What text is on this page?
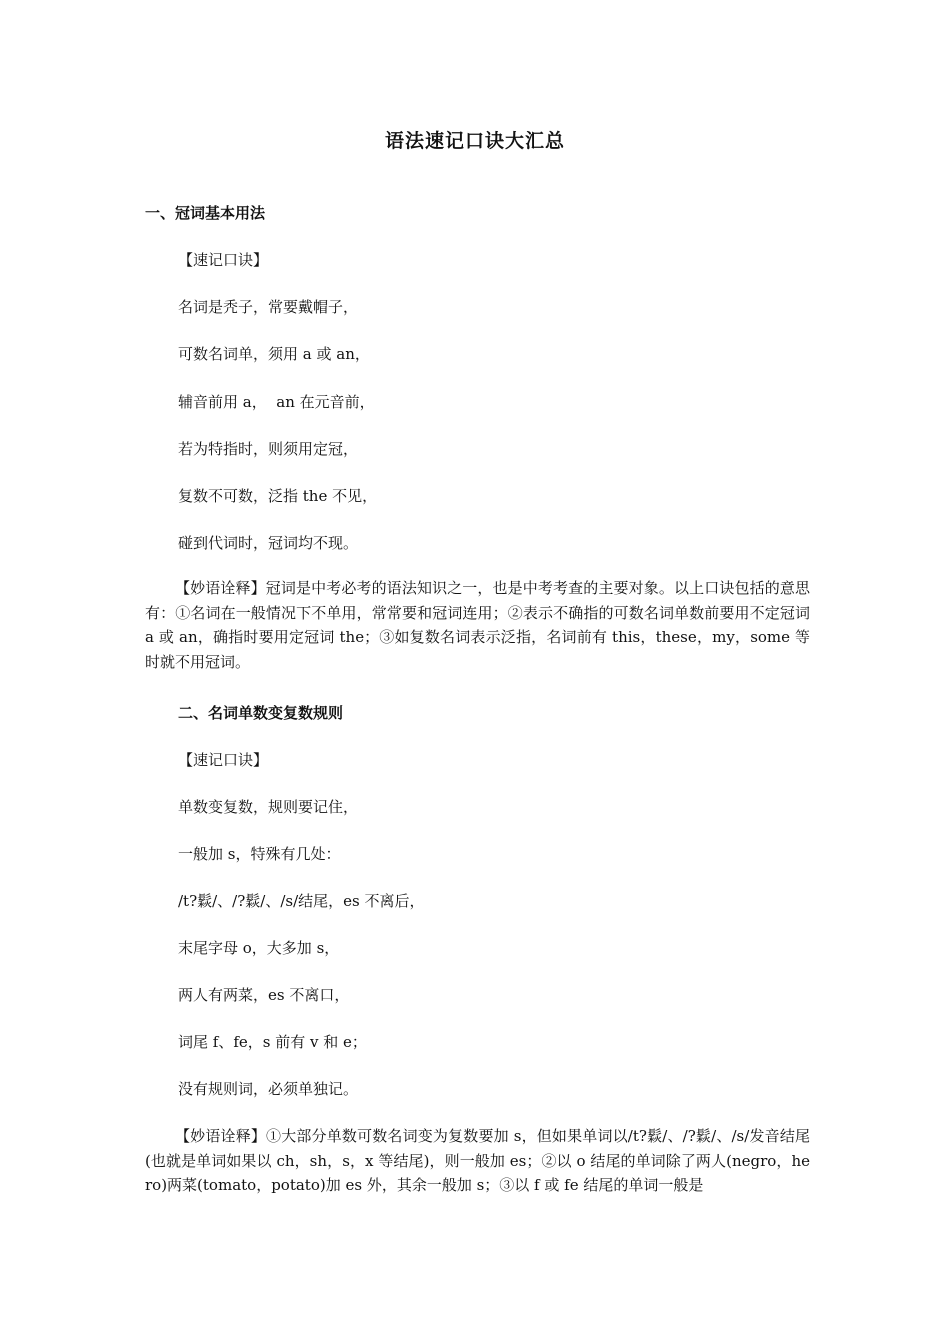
语法速记口诀大汇总
一、冠词基本用法
【速记口诀】
名词是秃子，常要戴帽子，
可数名词单，须用 a 或 an，
辅音前用 a，  an 在元音前，
若为特指时，则须用定冠，
复数不可数，泛指 the 不见，
碰到代词时，冠词均不现。
【妙语诠释】冠词是中考必考的语法知识之一，也是中考考查的主要对象。以上口诀包括的意思有：①名词在一般情况下不单用，常常要和冠词连用；②表示不确指的可数名词单数前要用不定冠词 a 或 an，确指时要用定冠词 the；③如复数名词表示泛指，名词前有 this，these，my，some 等时就不用冠词。
二、名词单数变复数规则
【速记口诀】
单数变复数，规则要记住，
一般加 s，特殊有几处：
/t?鬏/、/?鬏/、/s/结尾，es 不离后，
末尾字母 o，大多加 s，
两人有两菜，es 不离口，
词尾 f、fe，s 前有 v 和 e；
没有规则词，必须单独记。
【妙语诠释】①大部分单数可数名词变为复数要加 s，但如果单词以/t?鬏/、/?鬏/、/s/发音结尾(也就是单词如果以 ch，sh，s，x 等结尾)，则一般加 es；②以 o 结尾的单词除了两人(negro，hero)两菜(tomato，potato)加 es 外，其余一般加 s；③以 f 或 fe 结尾的单词一般是
